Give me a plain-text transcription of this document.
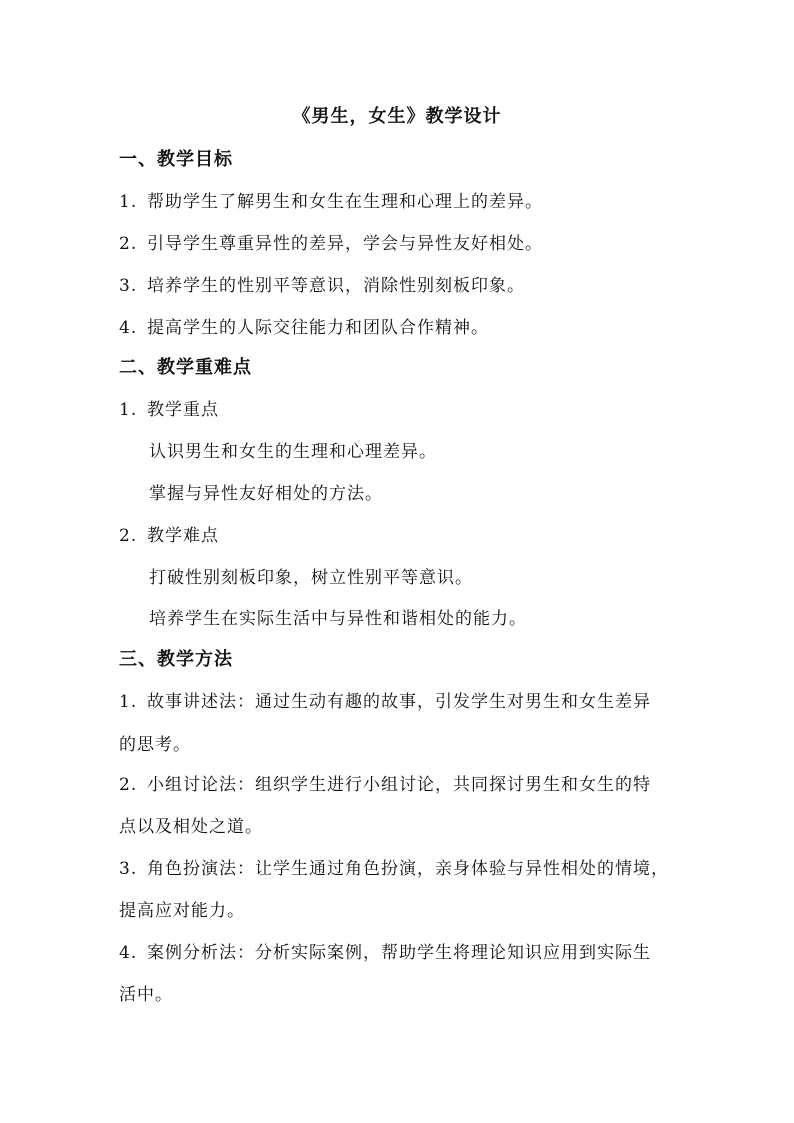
《男生，女生》教学设计
一、教学目标
1. 帮助学生了解男生和女生在生理和心理上的差异。
2. 引导学生尊重异性的差异，学会与异性友好相处。
3. 培养学生的性别平等意识，消除性别刻板印象。
4. 提高学生的人际交往能力和团队合作精神。
二、教学重难点
1. 教学重点
认识男生和女生的生理和心理差异。
掌握与异性友好相处的方法。
2. 教学难点
打破性别刻板印象，树立性别平等意识。
培养学生在实际生活中与异性和谐相处的能力。
三、教学方法
1. 故事讲述法：通过生动有趣的故事，引发学生对男生和女生差异
的思考。
2. 小组讨论法：组织学生进行小组讨论，共同探讨男生和女生的特
点以及相处之道。
3. 角色扮演法：让学生通过角色扮演，亲身体验与异性相处的情境，
提高应对能力。
4. 案例分析法：分析实际案例，帮助学生将理论知识应用到实际生
活中。
